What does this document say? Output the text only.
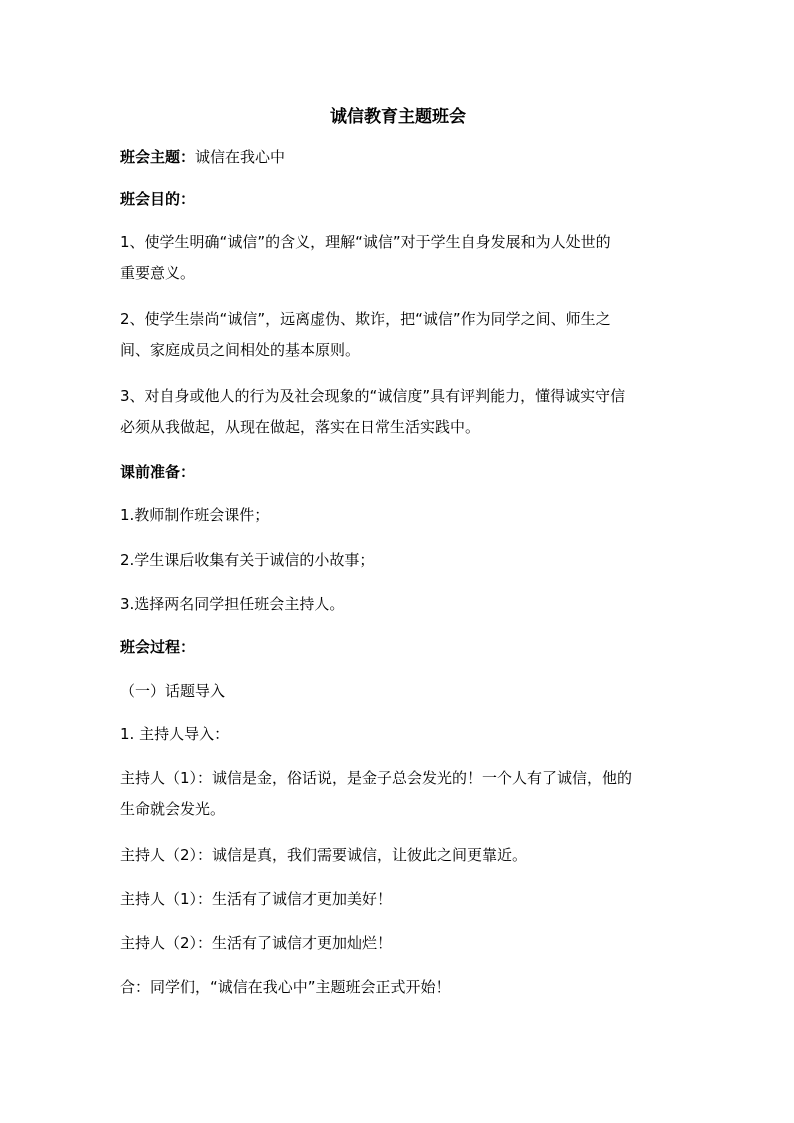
诚信教育主题班会
班会主题：诚信在我心中
班会目的：
1、使学生明确“诚信”的含义，理解“诚信”对于学生自身发展和为人处世的
重要意义。
2、使学生崇尚“诚信”，远离虚伪、欺诈，把“诚信”作为同学之间、师生之
间、家庭成员之间相处的基本原则。
3、对自身或他人的行为及社会现象的“诚信度”具有评判能力，懂得诚实守信
必须从我做起，从现在做起，落实在日常生活实践中。
课前准备：
1.教师制作班会课件；
2.学生课后收集有关于诚信的小故事；
3.选择两名同学担任班会主持人。
班会过程：
（一）话题导入
1. 主持人导入：
主持人（1）：诚信是金，俗话说，是金子总会发光的！一个人有了诚信，他的
生命就会发光。
主持人（2）：诚信是真，我们需要诚信，让彼此之间更靠近。
主持人（1）：生活有了诚信才更加美好！
主持人（2）：生活有了诚信才更加灿烂！
合：同学们，“诚信在我心中”主题班会正式开始！
